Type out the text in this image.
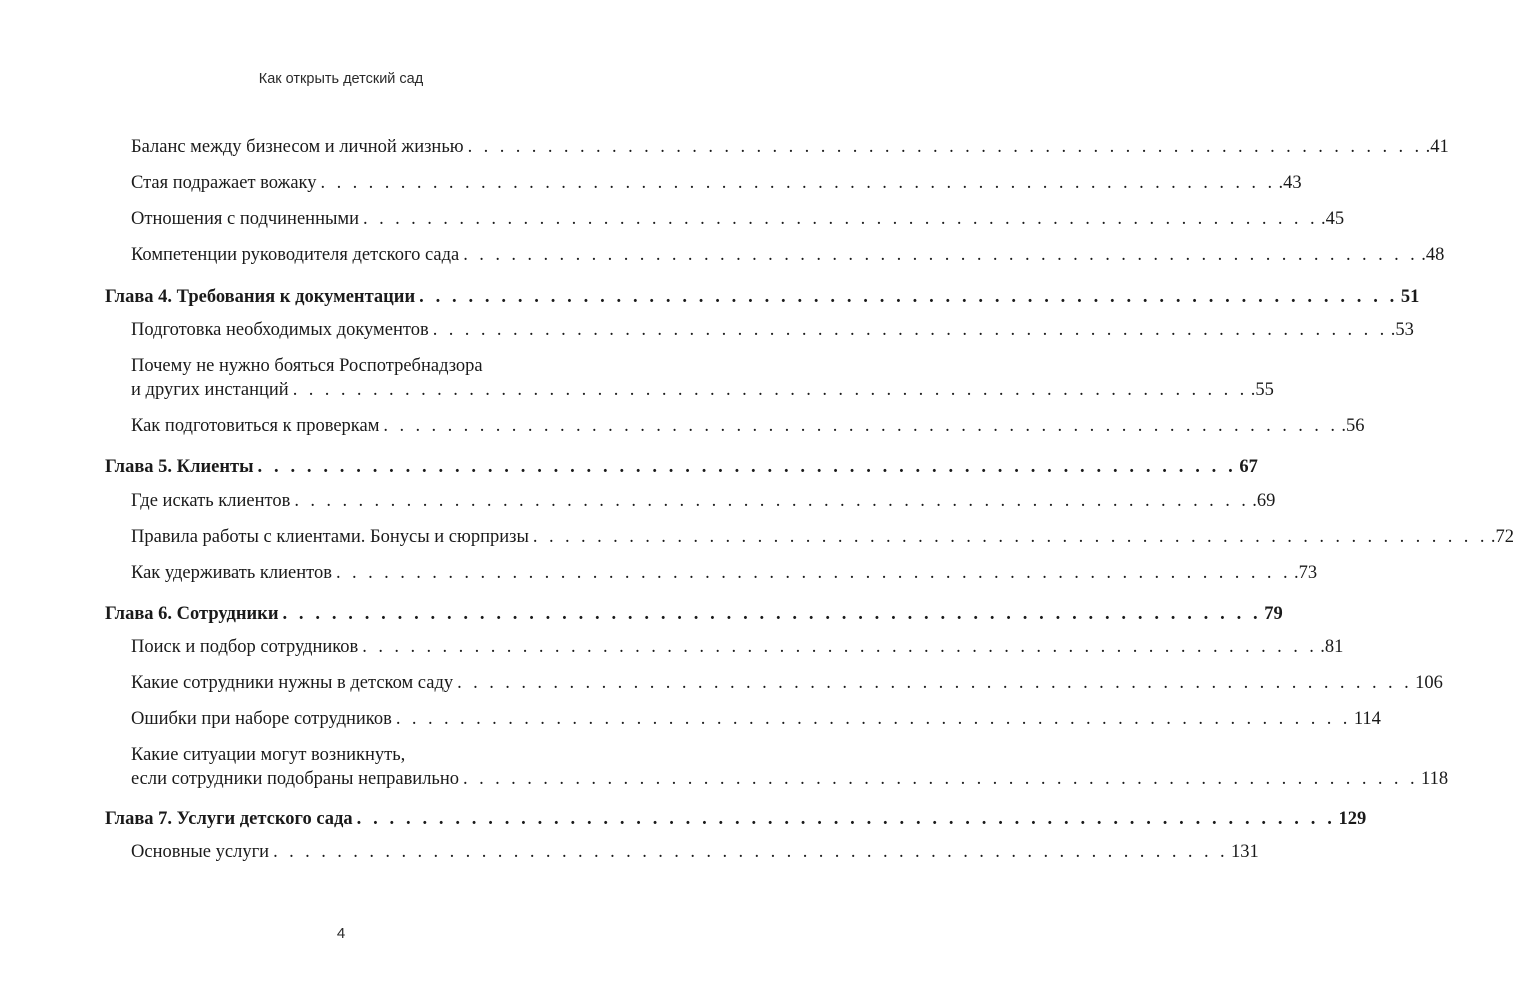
Как открыть детский сад
Баланс между бизнесом и личной жизнью . . . . . . . . . . . . . . . . . . . . . . . . . . . . . . . . . . . . . . . . . . . . . . . . . . . . . . . . . . . . .41
Стая подражает вожаку . . . . . . . . . . . . . . . . . . . . . . . . . . . . . . . . . . . . . . . . . . . . . . . . . . . . . . . . . . . . .43
Отношения с подчиненными . . . . . . . . . . . . . . . . . . . . . . . . . . . . . . . . . . . . . . . . . . . . . . . . . . . . . . . . . . . . .45
Компетенции руководителя детского сада . . . . . . . . . . . . . . . . . . . . . . . . . . . . . . . . . . . . . . . . . . . . . . . . . . . . . . . . . . . . .48
Глава 4. Требования к документации . . . . . . . . . . . . . . . . . . . . . . . . . . . . . . . . . . . . . . . . . . . . . . . . . . . . . . . . . . . . 51
Подготовка необходимых документов . . . . . . . . . . . . . . . . . . . . . . . . . . . . . . . . . . . . . . . . . . . . . . . . . . . . . . . . . . . . .53
Почему не нужно бояться Роспотребнадзора
и других инстанций . . . . . . . . . . . . . . . . . . . . . . . . . . . . . . . . . . . . . . . . . . . . . . . . . . . . . . . . . . . . .55
Как подготовиться к проверкам . . . . . . . . . . . . . . . . . . . . . . . . . . . . . . . . . . . . . . . . . . . . . . . . . . . . . . . . . . . . .56
Глава 5. Клиенты . . . . . . . . . . . . . . . . . . . . . . . . . . . . . . . . . . . . . . . . . . . . . . . . . . . . . . . . . . . . 67
Где искать клиентов . . . . . . . . . . . . . . . . . . . . . . . . . . . . . . . . . . . . . . . . . . . . . . . . . . . . . . . . . . . . .69
Правила работы с клиентами. Бонусы и сюрпризы . . . . . . . . . . . . . . . . . . . . . . . . . . . . . . . . . . . . . . . . . . . . . . . . . . . . . . . . . . . . .72
Как удерживать клиентов . . . . . . . . . . . . . . . . . . . . . . . . . . . . . . . . . . . . . . . . . . . . . . . . . . . . . . . . . . . . .73
Глава 6. Сотрудники . . . . . . . . . . . . . . . . . . . . . . . . . . . . . . . . . . . . . . . . . . . . . . . . . . . . . . . . . . . . 79
Поиск и подбор сотрудников . . . . . . . . . . . . . . . . . . . . . . . . . . . . . . . . . . . . . . . . . . . . . . . . . . . . . . . . . . . . .81
Какие сотрудники нужны в детском саду . . . . . . . . . . . . . . . . . . . . . . . . . . . . . . . . . . . . . . . . . . . . . . . . . . . . . . . . . . . . 106
Ошибки при наборе сотрудников . . . . . . . . . . . . . . . . . . . . . . . . . . . . . . . . . . . . . . . . . . . . . . . . . . . . . . . . . . . . 114
Какие ситуации могут возникнуть,
если сотрудники подобраны неправильно . . . . . . . . . . . . . . . . . . . . . . . . . . . . . . . . . . . . . . . . . . . . . . . . . . . . . . . . . . . . 118
Глава 7. Услуги детского сада . . . . . . . . . . . . . . . . . . . . . . . . . . . . . . . . . . . . . . . . . . . . . . . . . . . . . . . . . . . . 129
Основные услуги . . . . . . . . . . . . . . . . . . . . . . . . . . . . . . . . . . . . . . . . . . . . . . . . . . . . . . . . . . . . 131
4
